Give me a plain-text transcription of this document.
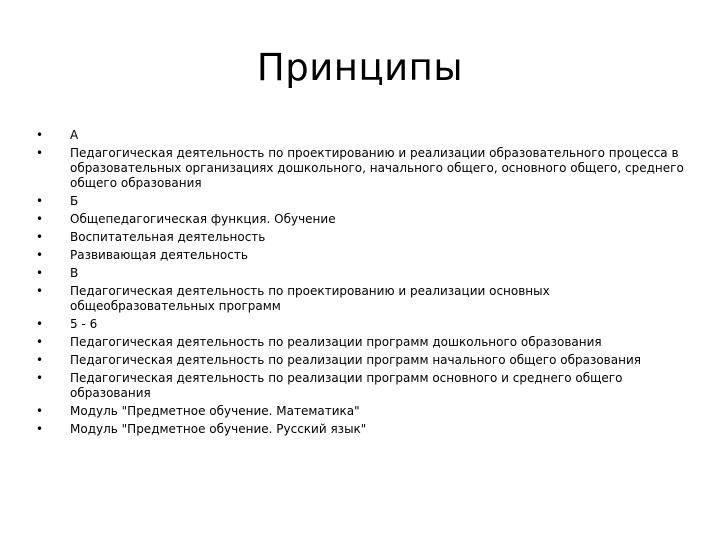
Принципы
• А
• Педагогическая деятельность по проектированию и реализации образовательного процесса в образовательных организациях дошкольного, начального общего, основного общего, среднего общего образования
• Б
• Общепедагогическая функция. Обучение
• Воспитательная деятельность
• Развивающая деятельность
• В
• Педагогическая деятельность по проектированию и реализации основных общеобразовательных программ
• 5 - 6
• Педагогическая деятельность по реализации программ дошкольного образования
• Педагогическая деятельность по реализации программ начального общего образования
• Педагогическая деятельность по реализации программ основного и среднего общего образования
• Модуль "Предметное обучение. Математика"
• Модуль "Предметное обучение. Русский язык"
